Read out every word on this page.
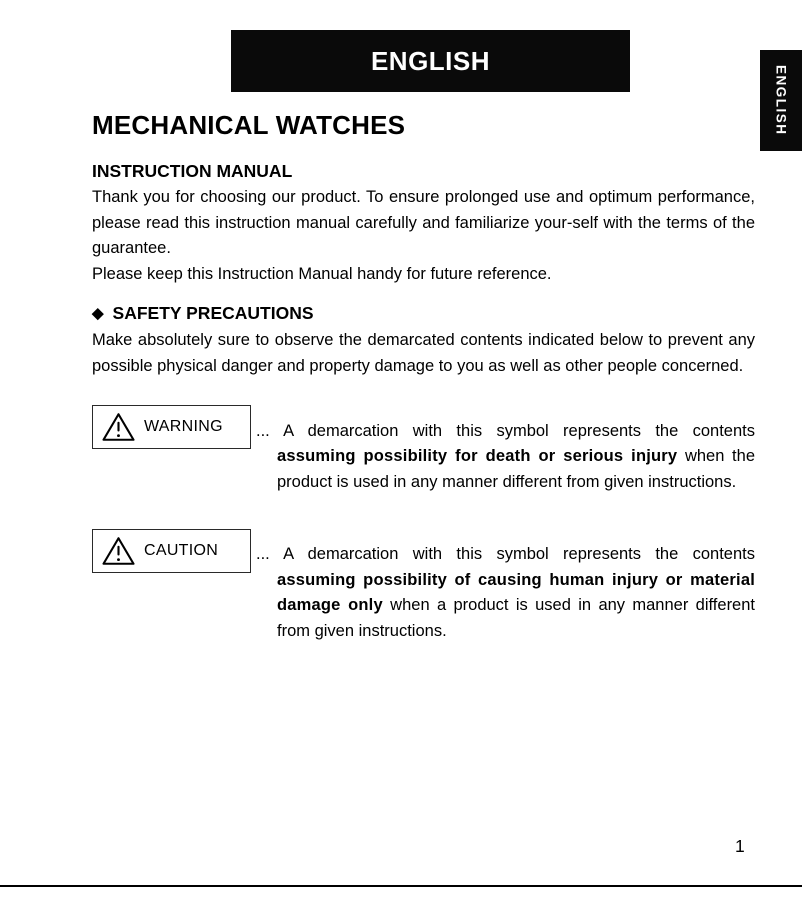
ENGLISH
ENGLISH
MECHANICAL WATCHES
INSTRUCTION MANUAL

Thank you for choosing our product. To ensure prolonged use and optimum performance, please read this instruction manual carefully and familiarize your-self with the terms of the guarantee.

Please keep this Instruction Manual handy for future reference.

◆ SAFETY PRECAUTIONS

Make absolutely sure to observe the demarcated contents indicated below to prevent any possible physical danger and property damage to you as well as other people concerned.

WARNING ... A demarcation with this symbol represents the contents assuming possibility for death or serious injury when the product is used in any manner different from given instructions.

CAUTION ... A demarcation with this symbol represents the contents assuming possibility of causing human injury or material damage only when a product is used in any manner different from given instructions.

1
